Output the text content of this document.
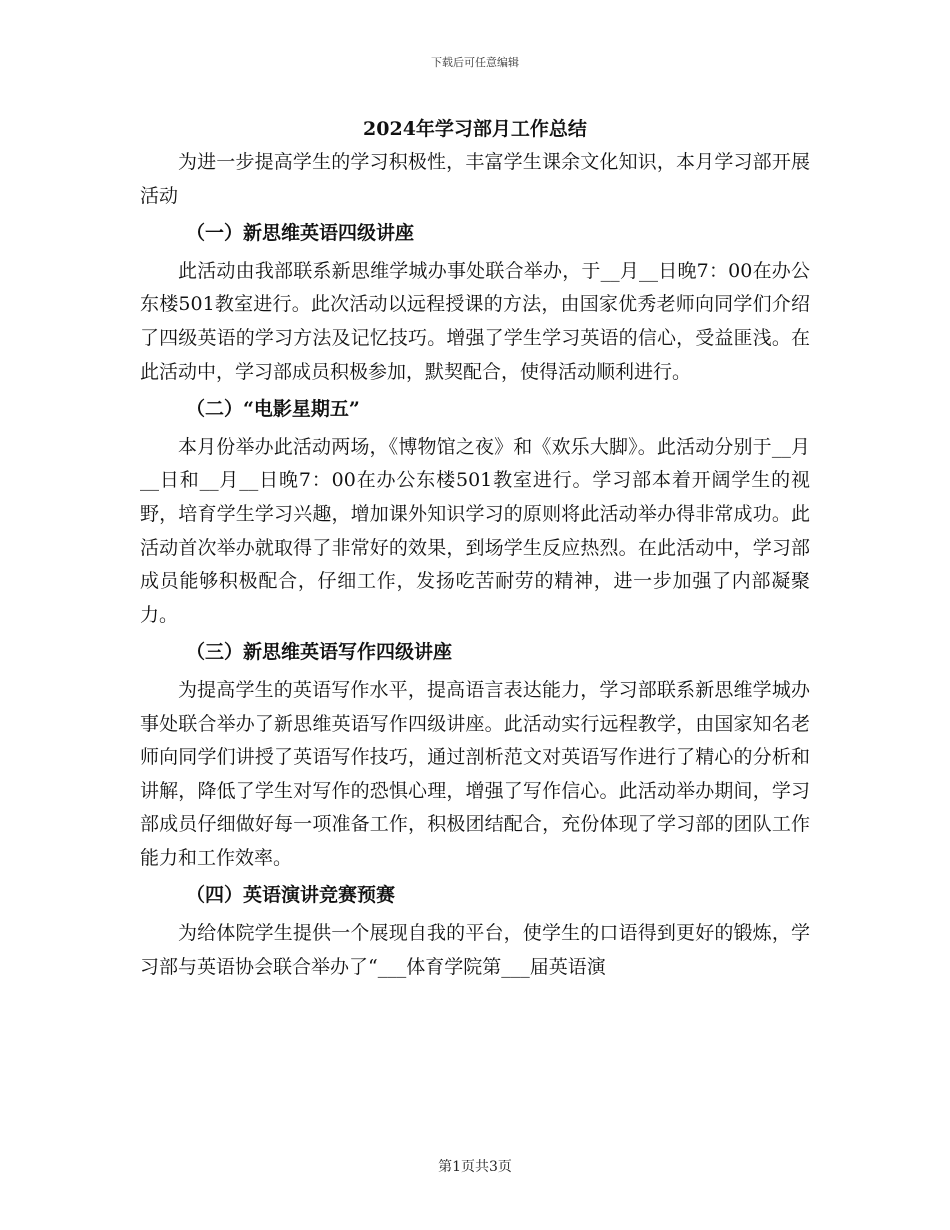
下载后可任意编辑
2024年学习部月工作总结

为进一步提高学生的学习积极性，丰富学生课余文化知识，本月学习部开展活动

（一）新思维英语四级讲座

此活动由我部联系新思维学城办事处联合举办，于__月__日晚7：00在办公东楼501教室进行。此次活动以远程授课的方法，由国家优秀老师向同学们介绍了四级英语的学习方法及记忆技巧。增强了学生学习英语的信心，受益匪浅。在此活动中，学习部成员积极参加，默契配合，使得活动顺利进行。

（二）“电影星期五”

本月份举办此活动两场，《博物馆之夜》和《欢乐大脚》。此活动分别于__月__日和__月__日晚7：00在办公东楼501教室进行。学习部本着开阔学生的视野，培育学生学习兴趣，增加课外知识学习的原则将此活动举办得非常成功。此活动首次举办就取得了非常好的效果，到场学生反应热烈。在此活动中，学习部成员能够积极配合，仔细工作，发扬吃苦耐劳的精神，进一步加强了内部凝聚力。

（三）新思维英语写作四级讲座

为提高学生的英语写作水平，提高语言表达能力，学习部联系新思维学城办事处联合举办了新思维英语写作四级讲座。此活动实行远程教学，由国家知名老师向同学们讲授了英语写作技巧，通过剖析范文对英语写作进行了精心的分析和讲解，降低了学生对写作的恐惧心理，增强了写作信心。此活动举办期间，学习部成员仔细做好每一项准备工作，积极团结配合，充份体现了学习部的团队工作能力和工作效率。

（四）英语演讲竞赛预赛

为给体院学生提供一个展现自我的平台，使学生的口语得到更好的锻炼，学习部与英语协会联合举办了“___体育学院第___届英语演

第1页共3页
